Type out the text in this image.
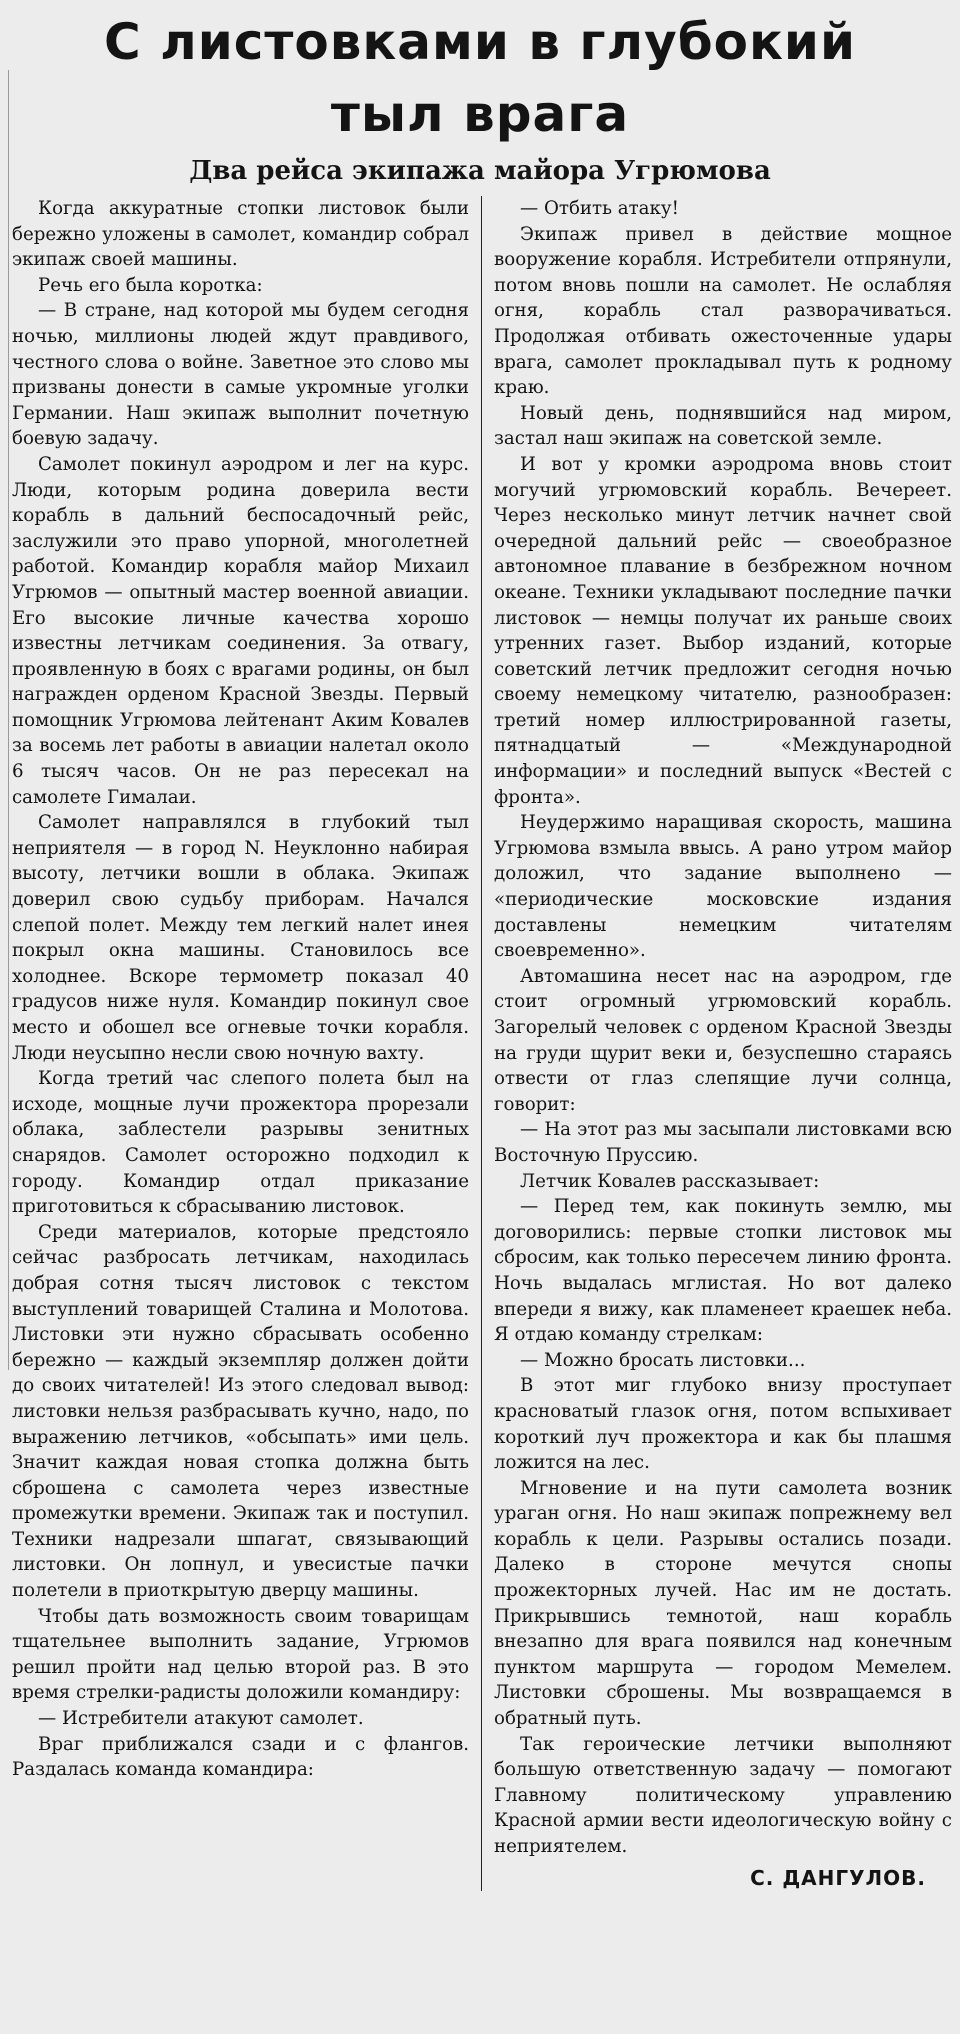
С листовками в глубокий
тыл врага
Два рейса экипажа майора Угрюмова

Когда аккуратные стопки листовок были бережно уложены в самолет, командир собрал экипаж своей машины.

Речь его была коротка:

— В стране, над которой мы будем сегодня ночью, миллионы людей ждут правдивого, честного слова о войне. Заветное это слово мы призваны донести в самые укромные уголки Германии. Наш экипаж выполнит почетную боевую задачу.

Самолет покинул аэродром и лег на курс. Люди, которым родина доверила вести корабль в дальний беспосадочный рейс, заслужили это право упорной, многолетней работой. Командир корабля майор Михаил Угрюмов — опытный мастер военной авиации. Его высокие личные качества хорошо известны летчикам соединения. За отвагу, проявленную в боях с врагами родины, он был награжден орденом Красной Звезды. Первый помощник Угрюмова лейтенант Аким Ковалев за восемь лет работы в авиации налетал около 6 тысяч часов. Он не раз пересекал на самолете Гималаи.

Самолет направлялся в глубокий тыл неприятеля — в город N. Неуклонно набирая высоту, летчики вошли в облака. Экипаж доверил свою судьбу приборам. Начался слепой полет. Между тем легкий налет инея покрыл окна машины. Становилось все холоднее. Вскоре термометр показал 40 градусов ниже нуля. Командир покинул свое место и обошел все огневые точки корабля. Люди неусыпно несли свою ночную вахту.

Когда третий час слепого полета был на исходе, мощные лучи прожектора прорезали облака, заблестели разрывы зенитных снарядов. Самолет осторожно подходил к городу. Командир отдал приказание приготовиться к сбрасыванию листовок.

Среди материалов, которые предстояло сейчас разбросать летчикам, находилась добрая сотня тысяч листовок с текстом выступлений товарищей Сталина и Молотова. Листовки эти нужно сбрасывать особенно бережно — каждый экземпляр должен дойти до своих читателей! Из этого следовал вывод: листовки нельзя разбрасывать кучно, надо, по выражению летчиков, «обсыпать» ими цель. Значит каждая новая стопка должна быть сброшена с самолета через известные промежутки времени. Экипаж так и поступил. Техники надрезали шпагат, связывающий листовки. Он лопнул, и увесистые пачки полетели в приоткрытую дверцу машины.

Чтобы дать возможность своим товарищам тщательнее выполнить задание, Угрюмов решил пройти над целью второй раз. В это время стрелки-радисты доложили командиру:

— Истребители атакуют самолет.

Враг приближался сзади и с флангов. Раздалась команда командира:

— Отбить атаку!

Экипаж привел в действие мощное вооружение корабля. Истребители отпрянули, потом вновь пошли на самолет. Не ослабляя огня, корабль стал разворачиваться. Продолжая отбивать ожесточенные удары врага, самолет прокладывал путь к родному краю.

Новый день, поднявшийся над миром, застал наш экипаж на советской земле.

И вот у кромки аэродрома вновь стоит могучий угрюмовский корабль. Вечереет. Через несколько минут летчик начнет свой очередной дальний рейс — своеобразное автономное плавание в безбрежном ночном океане. Техники укладывают последние пачки листовок — немцы получат их раньше своих утренних газет. Выбор изданий, которые советский летчик предложит сегодня ночью своему немецкому читателю, разнообразен: третий номер иллюстрированной газеты, пятнадцатый — «Международной информации» и последний выпуск «Вестей с фронта».

Неудержимо наращивая скорость, машина Угрюмова взмыла ввысь. А рано утром майор доложил, что задание выполнено — «периодические московские издания доставлены немецким читателям своевременно».

Автомашина несет нас на аэродром, где стоит огромный угрюмовский корабль. Загорелый человек с орденом Красной Звезды на груди щурит веки и, безуспешно стараясь отвести от глаз слепящие лучи солнца, говорит:

— На этот раз мы засыпали листовками всю Восточную Пруссию.

Летчик Ковалев рассказывает:

— Перед тем, как покинуть землю, мы договорились: первые стопки листовок мы сбросим, как только пересечем линию фронта. Ночь выдалась мглистая. Но вот далеко впереди я вижу, как пламенеет краешек неба. Я отдаю команду стрелкам:

— Можно бросать листовки...

В этот миг глубоко внизу проступает красноватый глазок огня, потом вспыхивает короткий луч прожектора и как бы плашмя ложится на лес.

Мгновение и на пути самолета возник ураган огня. Но наш экипаж попрежнему вел корабль к цели. Разрывы остались позади. Далеко в стороне мечутся снопы прожекторных лучей. Нас им не достать. Прикрывшись темнотой, наш корабль внезапно для врага появился над конечным пунктом маршрута — городом Мемелем. Листовки сброшены. Мы возвращаемся в обратный путь.

Так героические летчики выполняют большую ответственную задачу — помогают Главному политическому управлению Красной армии вести идеологическую войну с неприятелем.

С. ДАНГУЛОВ.
